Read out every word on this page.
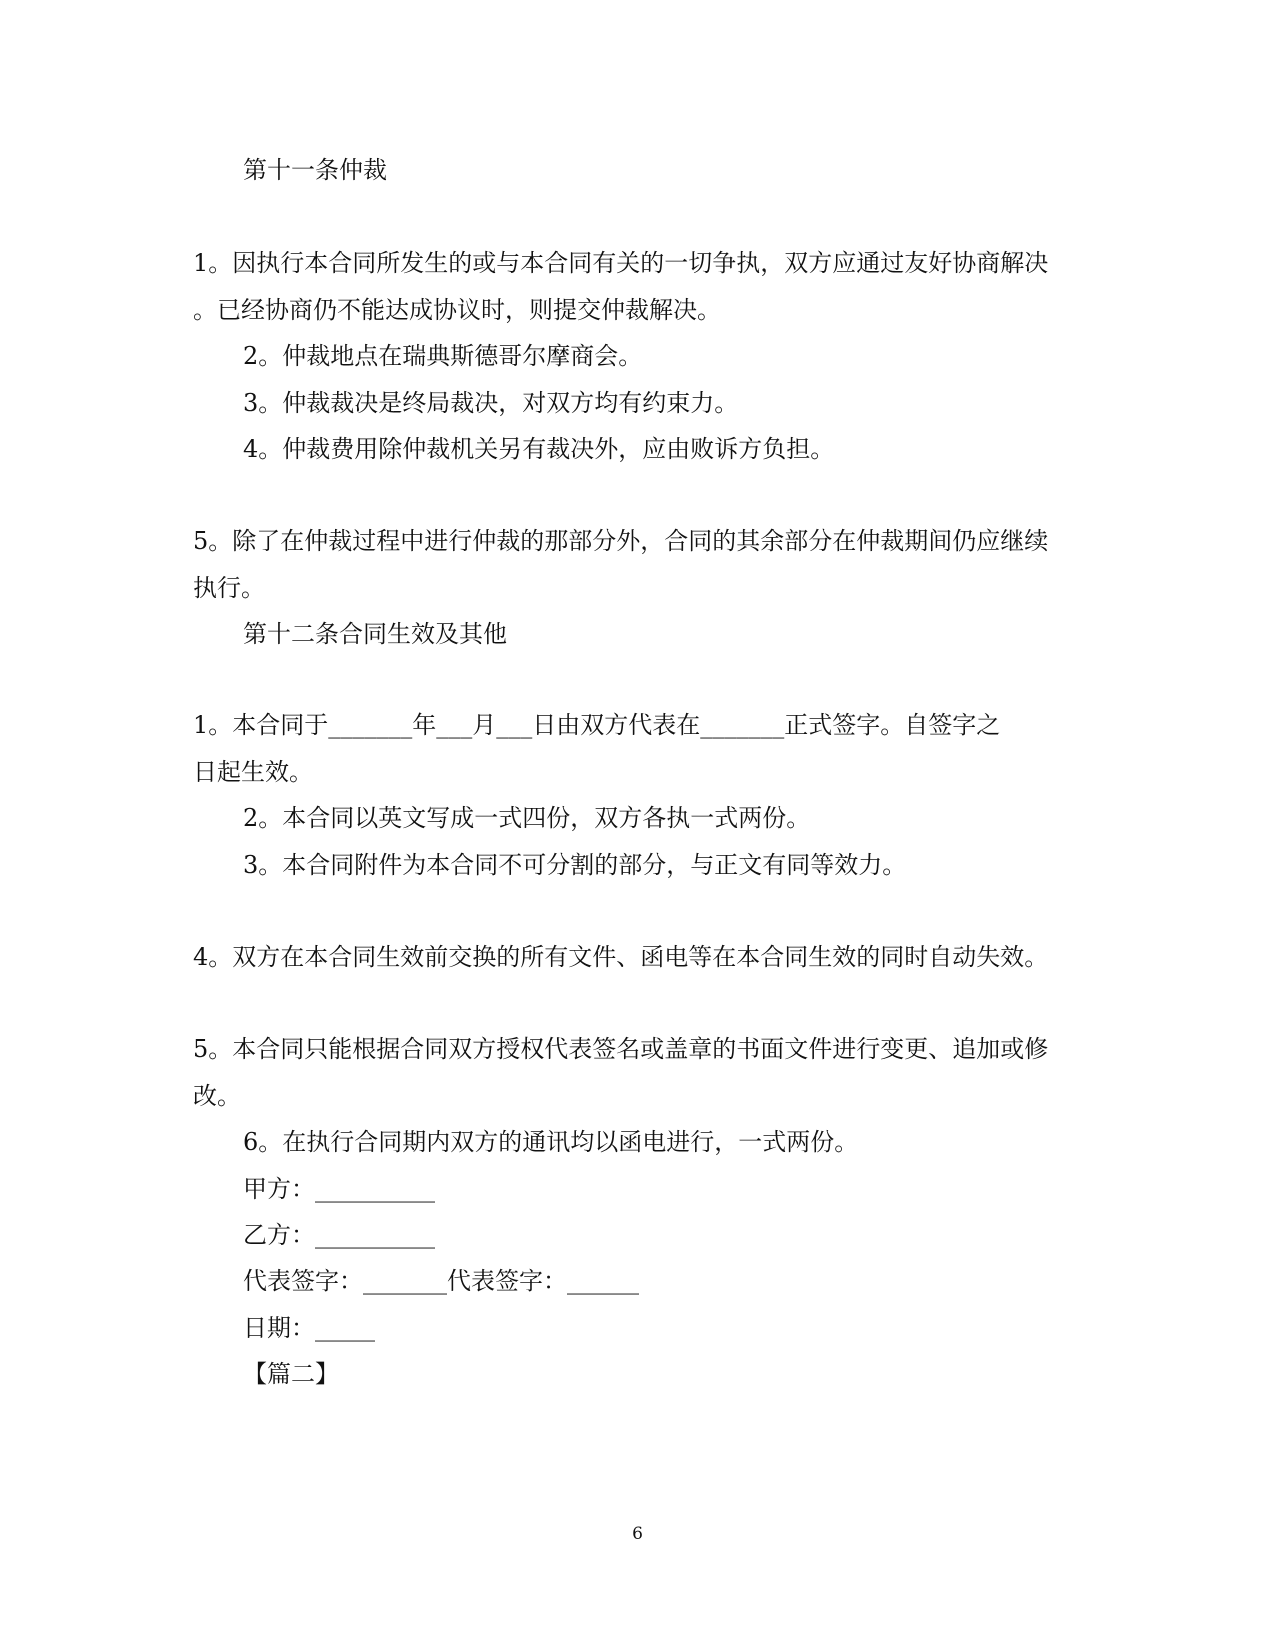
第十一条仲裁
1。因执行本合同所发生的或与本合同有关的一切争执，双方应通过友好协商解决
。已经协商仍不能达成协议时，则提交仲裁解决。
2。仲裁地点在瑞典斯德哥尔摩商会。
3。仲裁裁决是终局裁决，对双方均有约束力。
4。仲裁费用除仲裁机关另有裁决外，应由败诉方负担。
5。除了在仲裁过程中进行仲裁的那部分外，合同的其余部分在仲裁期间仍应继续
执行。
第十二条合同生效及其他
1。本合同于_______年___月___日由双方代表在_______正式签字。自签字之
日起生效。
2。本合同以英文写成一式四份，双方各执一式两份。
3。本合同附件为本合同不可分割的部分，与正文有同等效力。
4。双方在本合同生效前交换的所有文件、函电等在本合同生效的同时自动失效。
5。本合同只能根据合同双方授权代表签名或盖章的书面文件进行变更、追加或修
改。
6。在执行合同期内双方的通讯均以函电进行，一式两份。
甲方：__________
乙方：__________
代表签字：_______代表签字：______
日期：_____
【篇二】
6
